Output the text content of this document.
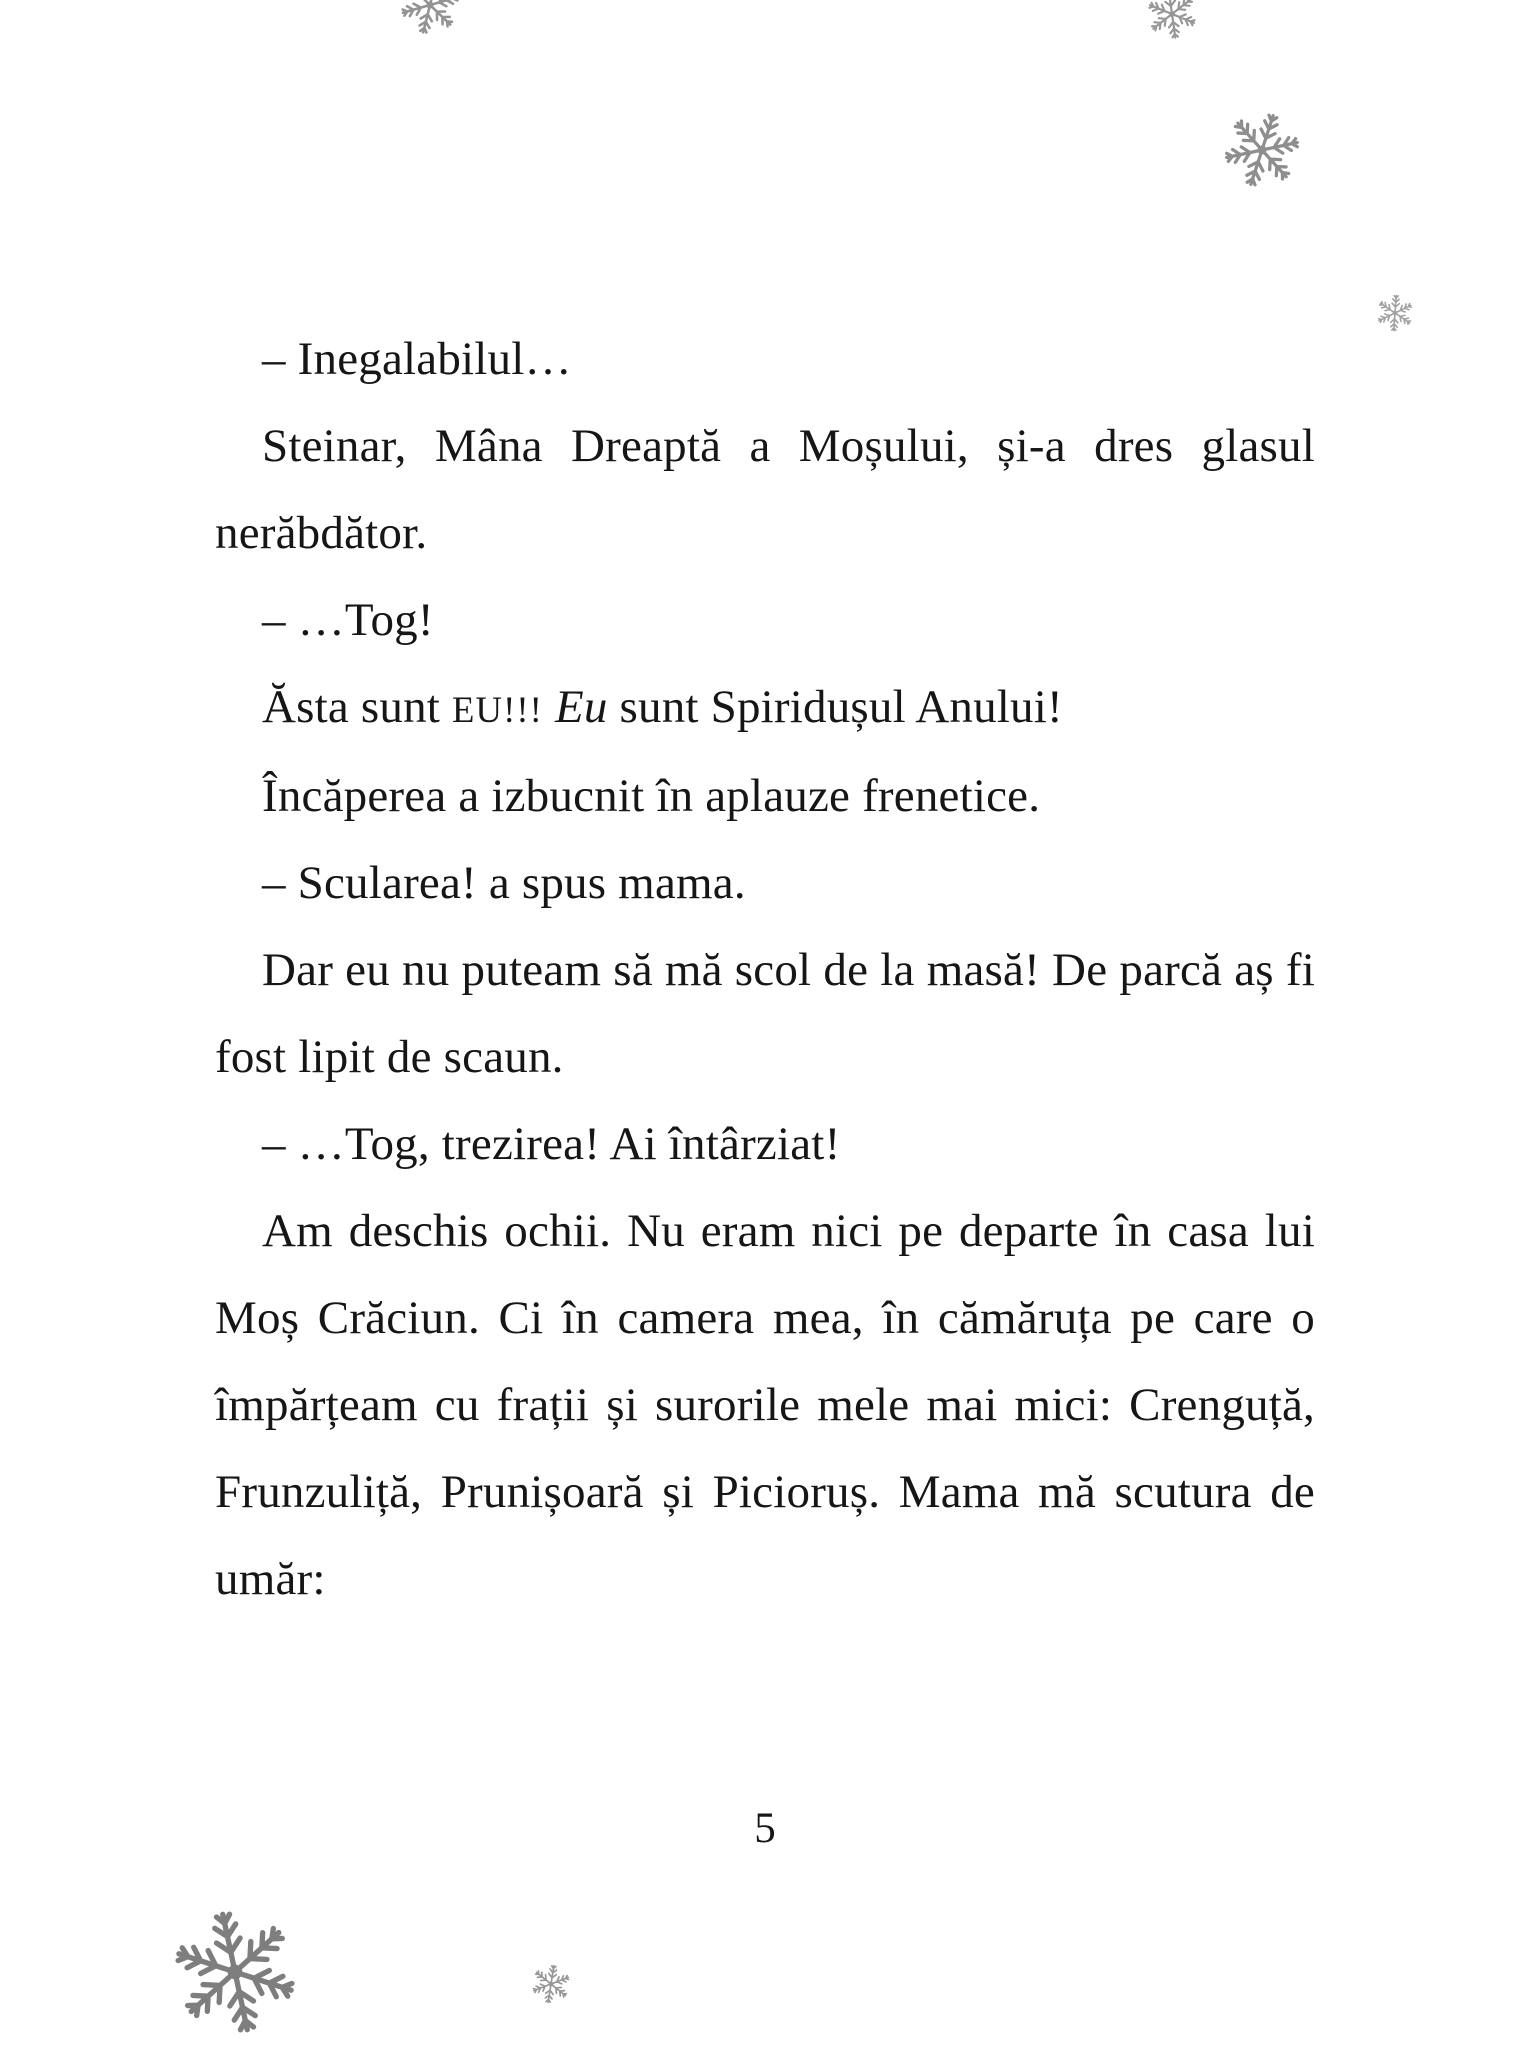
– Inegalabilul…

Steinar, Mâna Dreaptă a Moșului, și-a dres glasul nerăbdător.

– …Tog!

Ăsta sunt EU!!! Eu sunt Spiridușul Anului!

Încăperea a izbucnit în aplauze frenetice.

– Scularea! a spus mama.

Dar eu nu puteam să mă scol de la masă! De parcă aș fi fost lipit de scaun.

– …Tog, trezirea! Ai întârziat!

Am deschis ochii. Nu eram nici pe departe în casa lui Moș Crăciun. Ci în camera mea, în cămăruța pe care o împărțeam cu frații și surorile mele mai mici: Crenguță, Frunzuliță, Prunișoară și Picioruș. Mama mă scutura de umăr:

5
